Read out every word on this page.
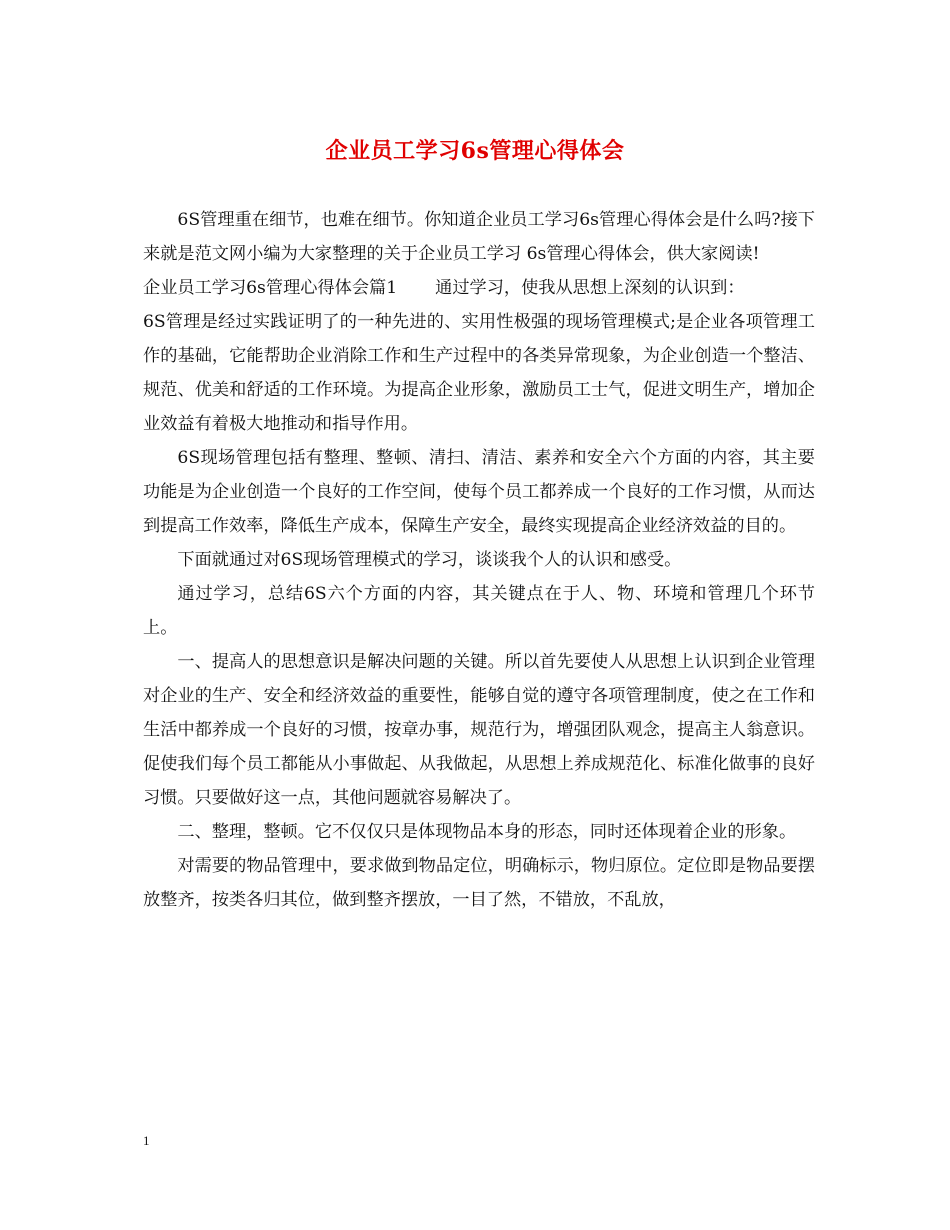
企业员工学习6s管理心得体会

6S管理重在细节，也难在细节。你知道企业员工学习6s管理心得体会是什么吗?接下来就是范文网小编为大家整理的关于企业员工学习 6s管理心得体会，供大家阅读!

企业员工学习6s管理心得体会篇1 通过学习，使我从思想上深刻的认识到：

6S管理是经过实践证明了的一种先进的、实用性极强的现场管理模式;是企业各项管理工作的基础，它能帮助企业消除工作和生产过程中的各类异常现象，为企业创造一个整洁、规范、优美和舒适的工作环境。为提高企业形象，激励员工士气，促进文明生产，增加企业效益有着极大地推动和指导作用。

6S现场管理包括有整理、整顿、清扫、清洁、素养和安全六个方面的内容，其主要功能是为企业创造一个良好的工作空间，使每个员工都养成一个良好的工作习惯，从而达到提高工作效率，降低生产成本，保障生产安全，最终实现提高企业经济效益的目的。

下面就通过对6S现场管理模式的学习，谈谈我个人的认识和感受。

通过学习，总结6S六个方面的内容，其关键点在于人、物、环境和管理几个环节上。

一、提高人的思想意识是解决问题的关键。所以首先要使人从思想上认识到企业管理对企业的生产、安全和经济效益的重要性，能够自觉的遵守各项管理制度，使之在工作和生活中都养成一个良好的习惯，按章办事，规范行为，增强团队观念，提高主人翁意识。促使我们每个员工都能从小事做起、从我做起，从思想上养成规范化、标准化做事的良好习惯。只要做好这一点，其他问题就容易解决了。

二、整理，整顿。它不仅仅只是体现物品本身的形态，同时还体现着企业的形象。

对需要的物品管理中，要求做到物品定位，明确标示，物归原位。定位即是物品要摆放整齐，按类各归其位，做到整齐摆放，一目了然，不错放，不乱放，

1
